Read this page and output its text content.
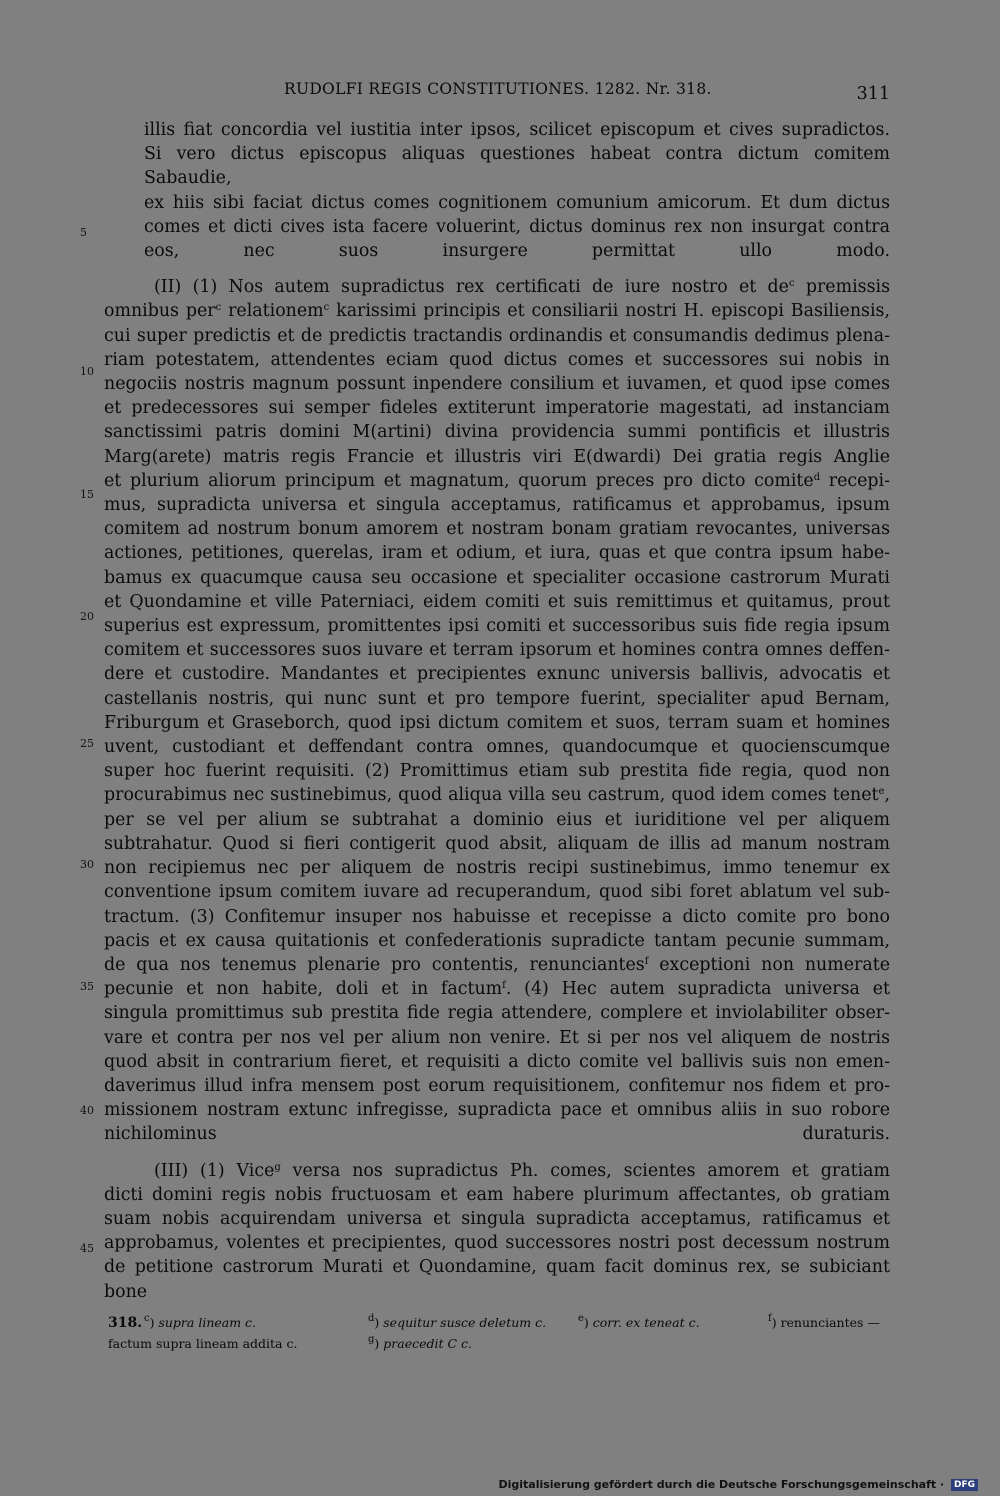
RUDOLFI REGIS CONSTITUTIONES. 1282. Nr. 318.	311

illis fiat concordia vel iustitia inter ipsos, scilicet episcopum et cives supradictos.
Si vero dictus episcopus aliquas questiones habeat contra dictum comitem Sabaudie,
ex hiis sibi faciat dictus comes cognitionem comunium amicorum. Et dum dictus
comes et dicti cives ista facere voluerint, dictus dominus rex non insurgat contra
eos, nec suos insurgere permittat ullo modo.

(II) (1) Nos autem supradictus rex certificati de iure nostro et $de^c$ premissis
omnibus per$^c$ relationem$^c$ karissimi principis et consiliarii nostri H. episcopi Basiliensis,
cui super predictis et de predictis tractandis ordinandis et consumandis dedimus plena-
riam potestatem, attendentes eciam quod dictus comes et successores sui nobis in
negociis nostris magnum possunt inpendere consilium et iuvamen, et quod ipse comes
et predecessores sui semper fideles extiterunt imperatorie magestati, ad instanciam
sanctissimi patris domini M(artini) divina providencia summi pontificis et illustris
Marg(arete) matris regis Francie et illustris viri E(dwardi) Dei gratia regis Anglie
et plurium aliorum principum et magnatum, quorum preces pro dicto comite$^d$ recepi-
mus, supradicta universa et singula acceptamus, ratificamus et approbamus, ipsum
comitem ad nostrum bonum amorem et nostram bonam gratiam revocantes, universas
actiones, petitiones, querelas, iram et odium, et iura, quas et que contra ipsum habe-
bamus ex quacumque causa seu occasione et specialiter occasione castrorum Murati
et Quondamine et ville Paterniaci, eidem comiti et suis remittimus et quitamus, prout
superius est expressum, promittentes ipsi comiti et successoribus suis fide regia ipsum
comitem et successores suos iuvare et terram ipsorum et homines contra omnes deffen-
dere et custodire. Mandantes et precipientes exnunc universis ballivis, advocatis et
castellanis nostris, qui nunc sunt et pro tempore fuerint, specialiter apud Bernam,
Friburgum et Graseborch, quod ipsi dictum comitem et suos, terram suam et homines
uvent, custodiant et deffendant contra omnes, quandocumque et quocienscumque
super hoc fuerint requisiti. (2) Promittimus etiam sub prestita fide regia, quod non
procurabimus nec sustinebimus, quod aliqua villa seu castrum, quod idem comes tenet$^e$,
per se vel per alium se subtrahat a dominio eius et iuriditione vel per aliquem
subtrahatur. Quod si fieri contigerit quod absit, aliquam de illis ad manum nostram
non recipiemus nec per aliquem de nostris recipi sustinebimus, immo tenemur ex
conventione ipsum comitem iuvare ad recuperandum, quod sibi foret ablatum vel sub-
tractum. (3) Confitemur insuper nos habuisse et recepisse a dicto comite pro bono
pacis et ex causa quitationis et confederationis supradicte tantam pecunie summam,
de qua nos tenemus plenarie pro contentis, renunciantes$^f$ exceptioni non numerate
pecunie et non habite, doli et in factum$^f$. (4) Hec autem supradicta universa et
singula promittimus sub prestita fide regia attendere, complere et inviolabiliter obser-
vare et contra per nos vel per alium non venire. Et si per nos vel aliquem de nostris
quod absit in contrarium fieret, et requisiti a dicto comite vel ballivis suis non emen-
daverimus illud infra mensem post eorum requisitionem, confitemur nos fidem et pro-
missionem nostram extunc infregisse, supradicta pace et omnibus aliis in suo robore
nichilominus duraturis.

(III) (1) Vice$^g$ versa nos supradictus Ph. comes, scientes amorem et gratiam
dicti domini regis nobis fructuosam et eam habere plurimum affectantes, ob gratiam
suam nobis acquirendam universa et singula supradicta acceptamus, ratificamus et
approbamus, volentes et precipientes, quod successores nostri post decessum nostrum
de petitione castrorum Murati et Quondamine, quam facit dominus rex, se subiciant bone

5
10
15
20
25
30
35
40
45
318. $^c$) supra lineam c.	$^d$) sequitur susce deletum c.	$^e$) corr. ex teneat c.	$^f$) renunciantes —
factum supra lineam addita c.	$^g$) praecedit C c.
Digitalisierung gefördert durch die Deutsche Forschungsgemeinschaft · DFG
